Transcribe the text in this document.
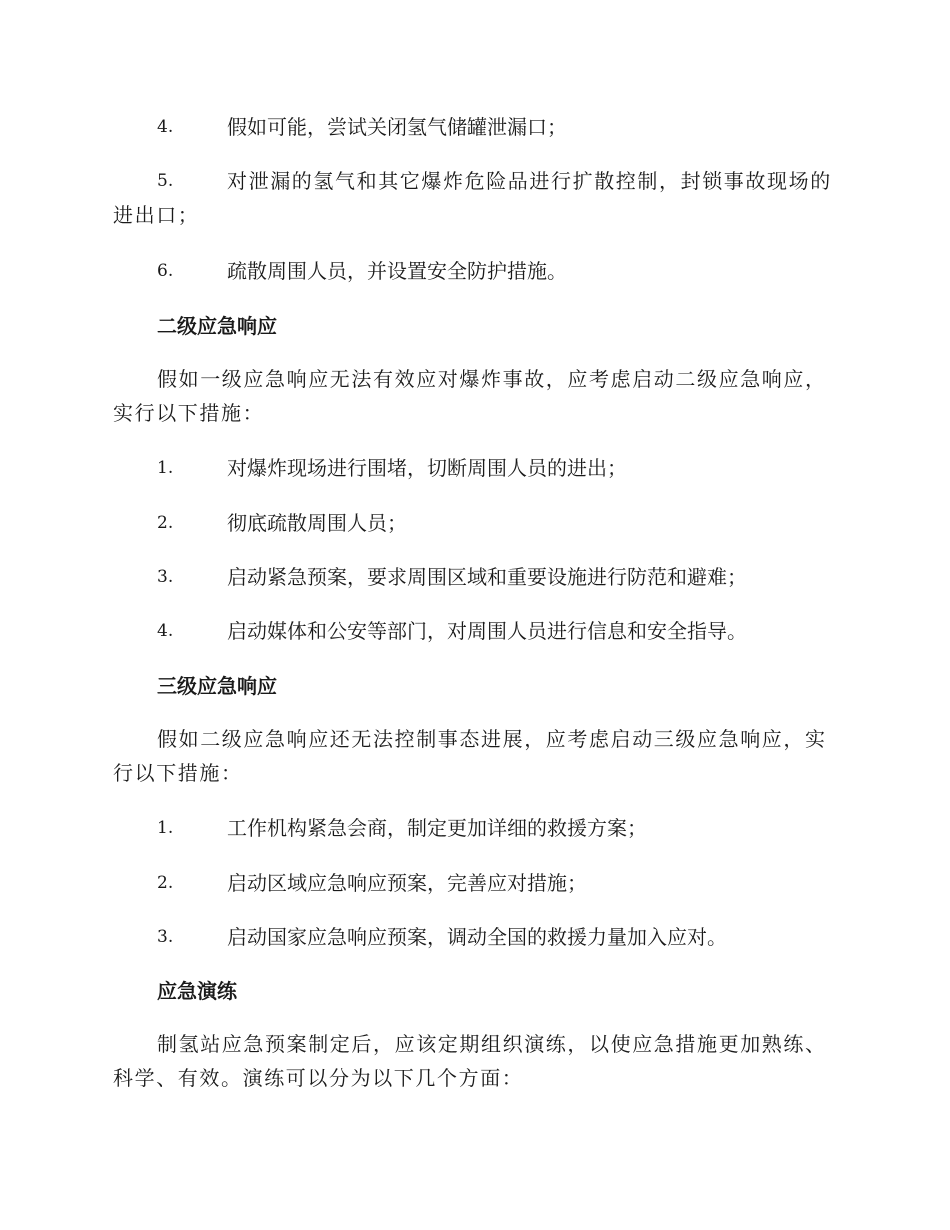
4.	假如可能，尝试关闭氢气储罐泄漏口；
5.	对泄漏的氢气和其它爆炸危险品进行扩散控制，封锁事故现场的进出口；
6.	疏散周围人员，并设置安全防护措施。
二级应急响应
假如一级应急响应无法有效应对爆炸事故，应考虑启动二级应急响应，实行以下措施：
1.	对爆炸现场进行围堵，切断周围人员的进出；
2.	彻底疏散周围人员；
3.	启动紧急预案，要求周围区域和重要设施进行防范和避难；
4.	启动媒体和公安等部门，对周围人员进行信息和安全指导。
三级应急响应
假如二级应急响应还无法控制事态进展，应考虑启动三级应急响应，实行以下措施：
1.	工作机构紧急会商，制定更加详细的救援方案；
2.	启动区域应急响应预案，完善应对措施；
3.	启动国家应急响应预案，调动全国的救援力量加入应对。
应急演练
制氢站应急预案制定后，应该定期组织演练，以使应急措施更加熟练、科学、有效。演练可以分为以下几个方面：
